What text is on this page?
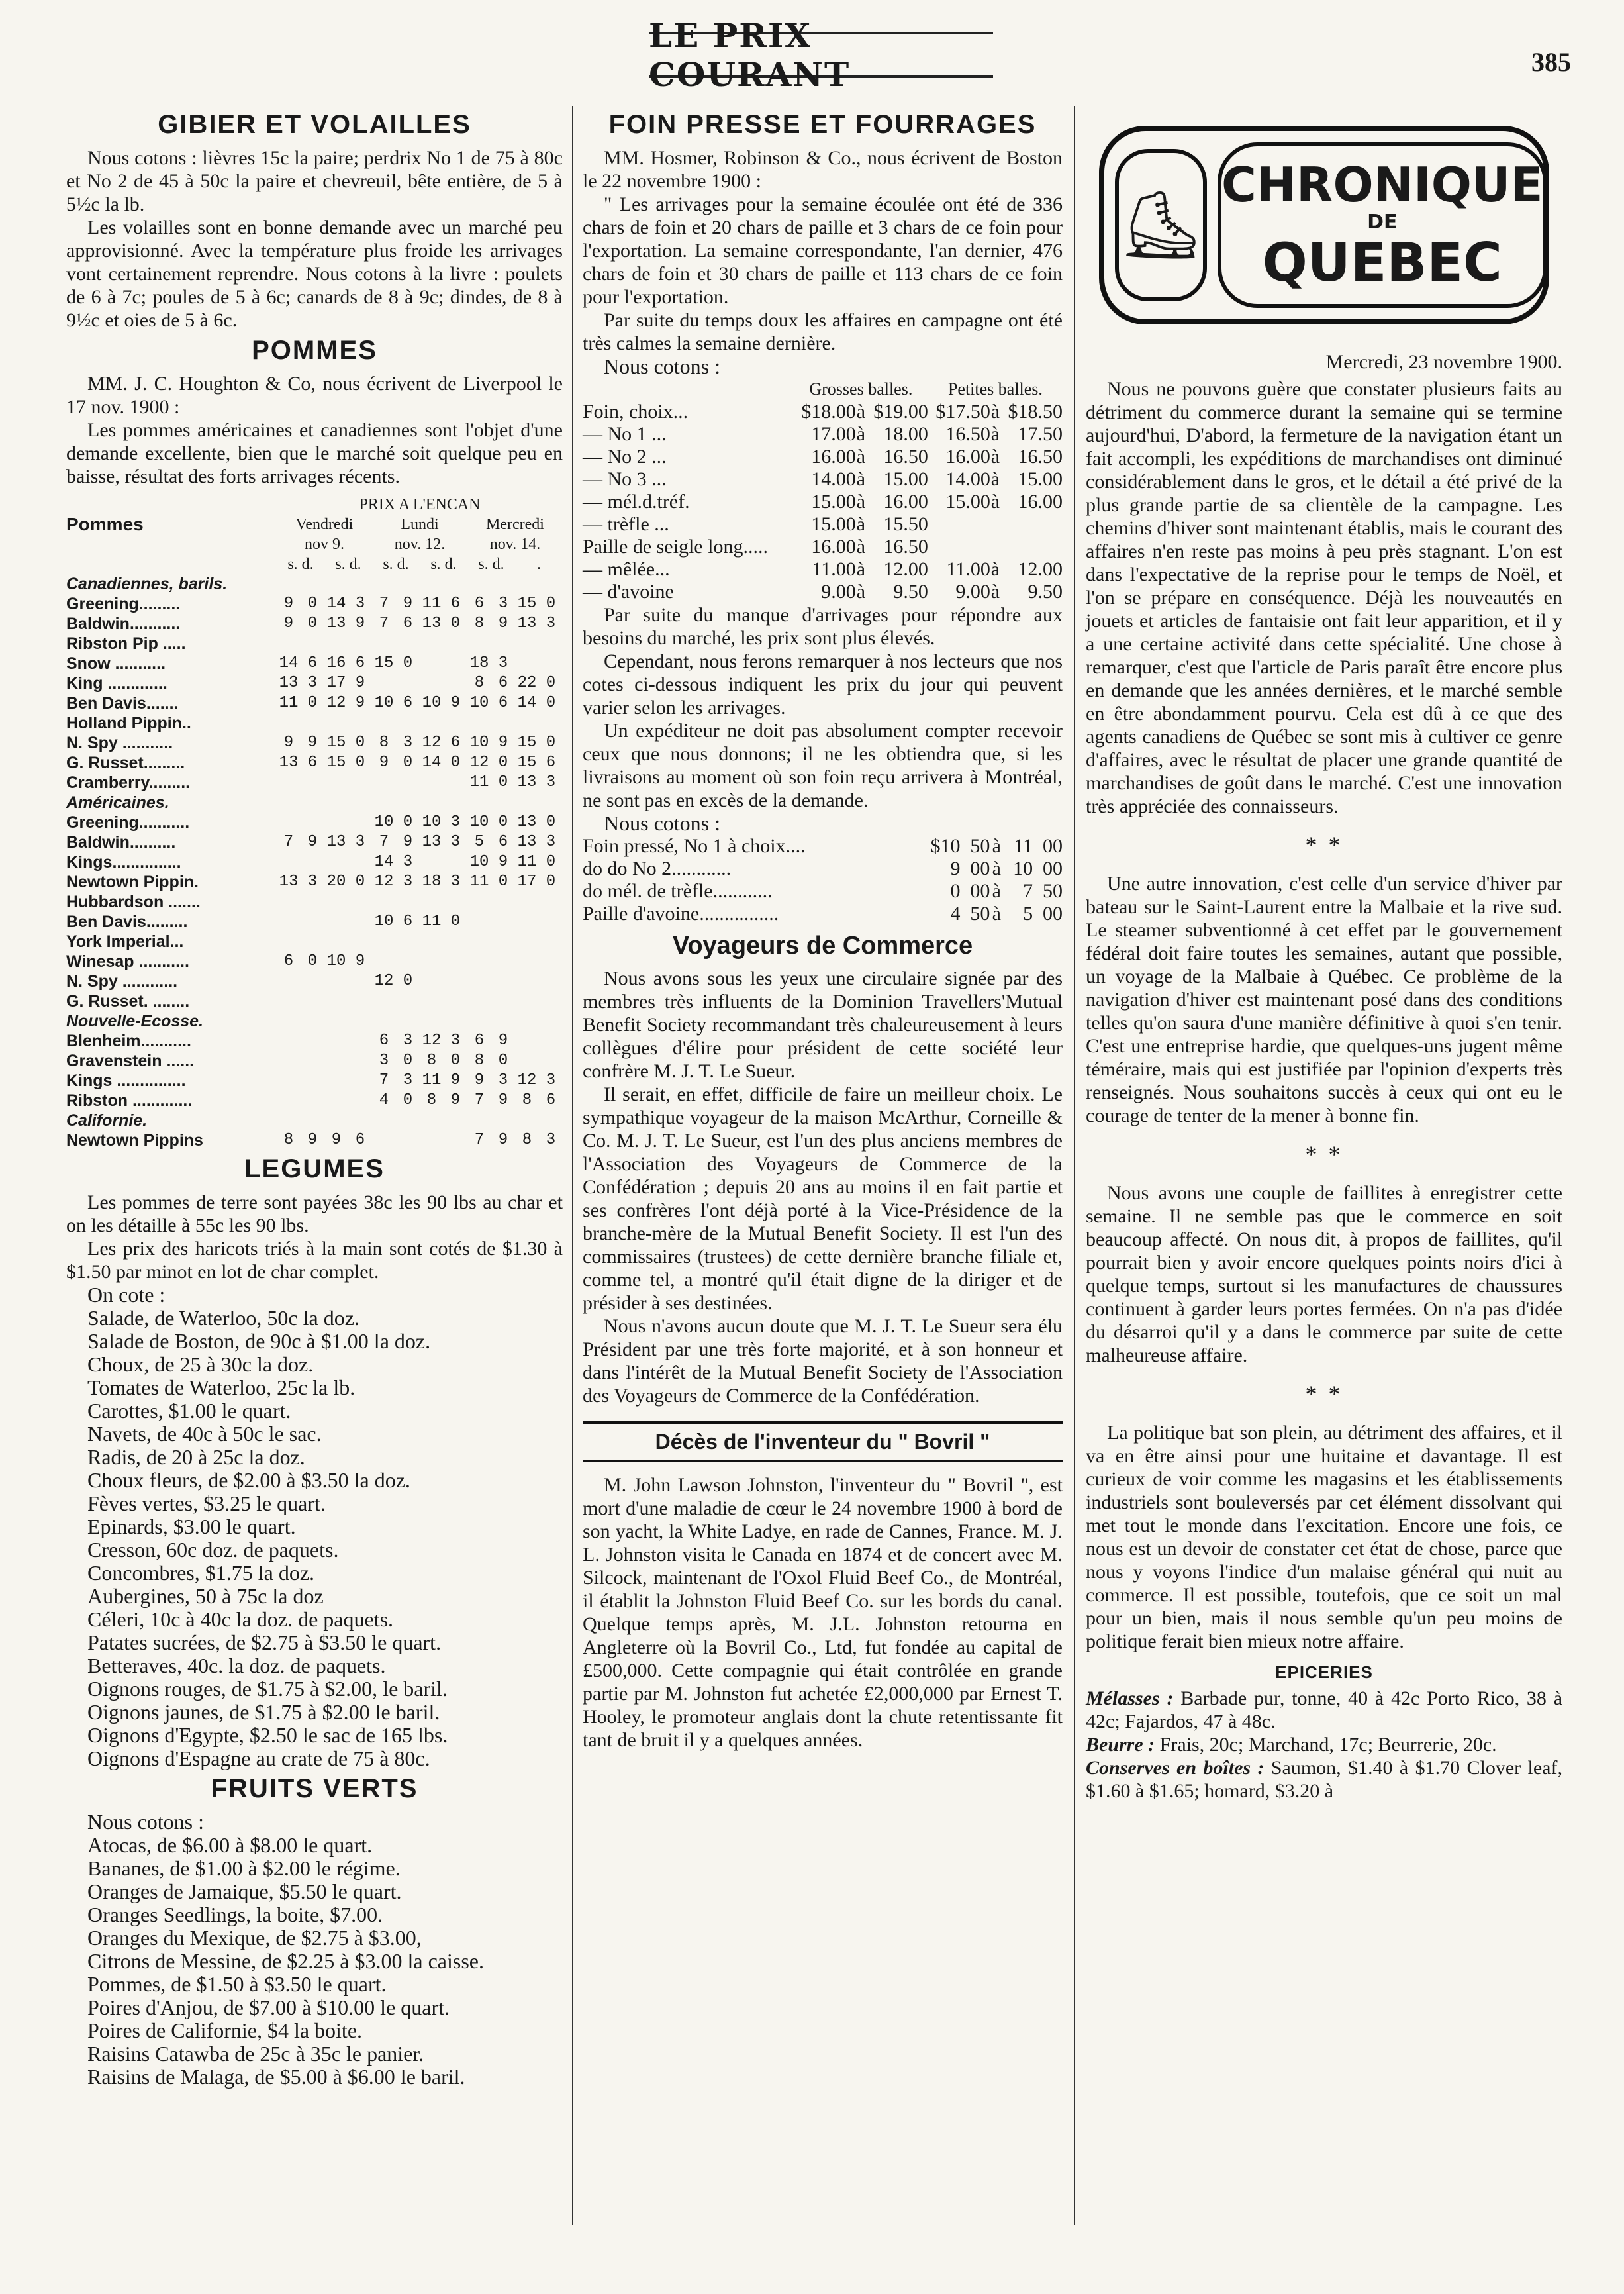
LE PRIX COURANT	385
GIBIER ET VOLAILLES

Nous cotons : lièvres 15c la paire; perdrix No 1 de 75 à 80c et No 2 de 45 à 50c la paire et chevreuil, bête entière, de 5 à 5½c la lb.

Les volailles sont en bonne demande avec un marché peu approvisionné. Avec la température plus froide les arrivages vont certainement reprendre. Nous cotons à la livre : poulets de 6 à 7c; poules de 5 à 6c; canards de 8 à 9c; dindes, de 8 à 9½c et oies de 5 à 6c.

POMMES

MM. J. C. Houghton & Co, nous écrivent de Liverpool le 17 nov. 1900 :

Les pommes américaines et canadiennes sont l'objet d'une demande excellente, bien que le marché soit quelque peu en baisse, résultat des forts arrivages récents.

	PRIX A L'ENCAN											
Pommes	Vendredi				Lundi				Mercredi			
	nov 9.				nov. 12.				nov. 14.			
	s. d.		s. d.		s. d.		s. d.		s. d.		.	
Canadiennes, barils.												
Greening.........	9	0	14	3	7	9	11	6	6	3	15	0
Baldwin...........	9	0	13	9	7	6	13	0	8	9	13	3
Ribston Pip .....												
Snow ...........	14	6	16	6	15	0			18	3		
King .............	13	3	17	9					8	6	22	0
Ben Davis.......	11	0	12	9	10	6	10	9	10	6	14	0
Holland Pippin..												
N. Spy ...........	9	9	15	0	8	3	12	6	10	9	15	0
G. Russet.........	13	6	15	0	9	0	14	0	12	0	15	6
Cramberry.........									11	0	13	3
Américaines.												
Greening...........					10	0	10	3	10	0	13	0
Baldwin..........	7	9	13	3	7	9	13	3	5	6	13	3
Kings...............					14	3			10	9	11	0
Newtown Pippin.	13	3	20	0	12	3	18	3	11	0	17	0
Hubbardson .......												
Ben Davis.........					10	6	11	0				
York Imperial...												
Winesap ...........	6	0	10	9								
N. Spy ............					12	0						
G. Russet. ........												
Nouvelle-Ecosse.												
Blenheim...........					6	3	12	3	6	9		
Gravenstein ......					3	0	8	0	8	0		
Kings ...............					7	3	11	9	9	3	12	3
Ribston .............					4	0	8	9	7	9	8	6
Californie.												
Newtown Pippins	8	9	9	6					7	9	8	3
LEGUMES

Les pommes de terre sont payées 38c les 90 lbs au char et on les détaille à 55c les 90 lbs.

Les prix des haricots triés à la main sont cotés de $1.30 à $1.50 par minot en lot de char complet.

On cote :
Salade, de Waterloo, 50c la doz.
Salade de Boston, de 90c à $1.00 la doz.
Choux, de 25 à 30c la doz.
Tomates de Waterloo, 25c la lb.
Carottes, $1.00 le quart.
Navets, de 40c à 50c le sac.
Radis, de 20 à 25c la doz.
Choux fleurs, de $2.00 à $3.50 la doz.
Fèves vertes, $3.25 le quart.
Epinards, $3.00 le quart.
Cresson, 60c doz. de paquets.
Concombres, $1.75 la doz.
Aubergines, 50 à 75c la doz
Céleri, 10c à 40c la doz. de paquets.
Patates sucrées, de $2.75 à $3.50 le quart.
Betteraves, 40c. la doz. de paquets.
Oignons rouges, de $1.75 à $2.00, le baril.
Oignons jaunes, de $1.75 à $2.00 le baril.
Oignons d'Egypte, $2.50 le sac de 165 lbs.
Oignons d'Espagne au crate de 75 à 80c.
FRUITS VERTS
Nous cotons :
Atocas, de $6.00 à $8.00 le quart.
Bananes, de $1.00 à $2.00 le régime.
Oranges de Jamaique, $5.50 le quart.
Oranges Seedlings, la boite, $7.00.
Oranges du Mexique, de $2.75 à $3.00,
Citrons de Messine, de $2.25 à $3.00 la caisse.
Pommes, de $1.50 à $3.50 le quart.
Poires d'Anjou, de $7.00 à $10.00 le quart.
Poires de Californie, $4 la boite.
Raisins Catawba de 25c à 35c le panier.
Raisins de Malaga, de $5.00 à $6.00 le baril.
FOIN PRESSE ET FOURRAGES

MM. Hosmer, Robinson & Co., nous écrivent de Boston le 22 novembre 1900 :

" Les arrivages pour la semaine écoulée ont été de 336 chars de foin et 20 chars de paille et 3 chars de ce foin pour l'exportation. La semaine correspondante, l'an dernier, 476 chars de foin et 30 chars de paille et 113 chars de ce foin pour l'exportation.

Par suite du temps doux les affaires en campagne ont été très calmes la semaine dernière.

Nous cotons :
	Grosses balles.			Petites balles.		
Foin, choix...	$18.00	à	$19.00	$17.50	à	$18.50
— No 1 ...	17.00	à	18.00	16.50	à	17.50
— No 2 ...	16.00	à	16.50	16.00	à	16.50
— No 3 ...	14.00	à	15.00	14.00	à	15.00
— mél.d.tréf.	15.00	à	16.00	15.00	à	16.00
— trèfle ...	15.00	à	15.50			
Paille de seigle long.....	16.00	à	16.50			
— mêlée...	11.00	à	12.00	11.00	à	12.00
— d'avoine	9.00	à	9.50	9.00	à	9.50

Par suite du manque d'arrivages pour répondre aux besoins du marché, les prix sont plus élevés.

Cependant, nous ferons remarquer à nos lecteurs que nos cotes ci-dessous indiquent les prix du jour qui peuvent varier selon les arrivages.

Un expéditeur ne doit pas absolument compter recevoir ceux que nous donnons; il ne les obtiendra que, si les livraisons au moment où son foin reçu arrivera à Montréal, ne sont pas en excès de la demande.

Nous cotons :
Foin pressé, No 1 à choix....	$10	50	à	11	00
do do No 2............	9	00	à	10	00
do mél. de trèfle............	0	00	à	7	50
Paille d'avoine................	4	50	à	5	00
Voyageurs de Commerce

Nous avons sous les yeux une circulaire signée par des membres très influents de la Dominion Travellers'Mutual Benefit Society recommandant très chaleureusement à leurs collègues d'élire pour président de cette société leur confrère M. J. T. Le Sueur.

Il serait, en effet, difficile de faire un meilleur choix. Le sympathique voyageur de la maison McArthur, Corneille & Co. M. J. T. Le Sueur, est l'un des plus anciens membres de l'Association des Voyageurs de Commerce de la Confédération ; depuis 20 ans au moins il en fait partie et ses confrères l'ont déjà porté à la Vice-Présidence de la branche-mère de la Mutual Benefit Society. Il est l'un des commissaires (trustees) de cette dernière branche filiale et, comme tel, a montré qu'il était digne de la diriger et de présider à ses destinées.

Nous n'avons aucun doute que M. J. T. Le Sueur sera élu Président par une très forte majorité, et à son honneur et dans l'intérêt de la Mutual Benefit Society de l'Association des Voyageurs de Commerce de la Confédération.

Décès de l'inventeur du " Bovril "

M. John Lawson Johnston, l'inventeur du " Bovril ", est mort d'une maladie de cœur le 24 novembre 1900 à bord de son yacht, la White Ladye, en rade de Cannes, France. M. J. L. Johnston visita le Canada en 1874 et de concert avec M. Silcock, maintenant de l'Oxol Fluid Beef Co., de Montréal, il établit la Johnston Fluid Beef Co. sur les bords du canal. Quelque temps après, M. J.L. Johnston retourna en Angleterre où la Bovril Co., Ltd, fut fondée au capital de £500,000. Cette compagnie qui était contrôlée en grande partie par M. Johnston fut achetée £2,000,000 par Ernest T. Hooley, le promoteur anglais dont la chute retentissante fit tant de bruit il y a quelques années.

⛸
CHRONIQUE
DE
QUEBEC
Mercredi, 23 novembre 1900.

Nous ne pouvons guère que constater plusieurs faits au détriment du commerce durant la semaine qui se termine aujourd'hui, D'abord, la fermeture de la navigation étant un fait accompli, les expéditions de marchandises ont diminué considérablement dans le gros, et le détail a été privé de la plus grande partie de sa clientèle de la campagne. Les chemins d'hiver sont maintenant établis, mais le courant des affaires n'en reste pas moins à peu près stagnant. L'on est dans l'expectative de la reprise pour le temps de Noël, et l'on se prépare en conséquence. Déjà les nouveautés en jouets et articles de fantaisie ont fait leur apparition, et il y a une certaine activité dans cette spécialité. Une chose à remarquer, c'est que l'article de Paris paraît être encore plus en demande que les années dernières, et le marché semble en être abondamment pourvu. Cela est dû à ce que des agents canadiens de Québec se sont mis à cultiver ce genre d'affaires, avec le résultat de placer une grande quantité de marchandises de goût dans le marché. C'est une innovation très appréciée des connaisseurs.

* *

Une autre innovation, c'est celle d'un service d'hiver par bateau sur le Saint-Laurent entre la Malbaie et la rive sud. Le steamer subventionné à cet effet par le gouvernement fédéral doit faire toutes les semaines, autant que possible, un voyage de la Malbaie à Québec. Ce problème de la navigation d'hiver est maintenant posé dans des conditions telles qu'on saura d'une manière définitive à quoi s'en tenir. C'est une entreprise hardie, que quelques-uns jugent même téméraire, mais qui est justifiée par l'opinion d'experts très renseignés. Nous souhaitons succès à ceux qui ont eu le courage de tenter de la mener à bonne fin.

* *

Nous avons une couple de faillites à enregistrer cette semaine. Il ne semble pas que le commerce en soit beaucoup affecté. On nous dit, à propos de faillites, qu'il pourrait bien y avoir encore quelques points noirs d'ici à quelque temps, surtout si les manufactures de chaussures continuent à garder leurs portes fermées. On n'a pas d'idée du désarroi qu'il y a dans le commerce par suite de cette malheureuse affaire.

* *

La politique bat son plein, au détriment des affaires, et il va en être ainsi pour une huitaine et davantage. Il est curieux de voir comme les magasins et les établissements industriels sont bouleversés par cet élément dissolvant qui met tout le monde dans l'excitation. Encore une fois, ce nous est un devoir de constater cet état de chose, parce que nous y voyons l'indice d'un malaise général qui nuit au commerce. Il est possible, toutefois, que ce soit un mal pour un bien, mais il nous semble qu'un peu moins de politique ferait bien mieux notre affaire.

EPICERIES

Mélasses : Barbade pur, tonne, 40 à 42c Porto Rico, 38 à 42c; Fajardos, 47 à 48c.

Beurre : Frais, 20c; Marchand, 17c; Beurrerie, 20c.

Conserves en boîtes : Saumon, $1.40 à $1.70 Clover leaf, $1.60 à $1.65; homard, $3.20 à
